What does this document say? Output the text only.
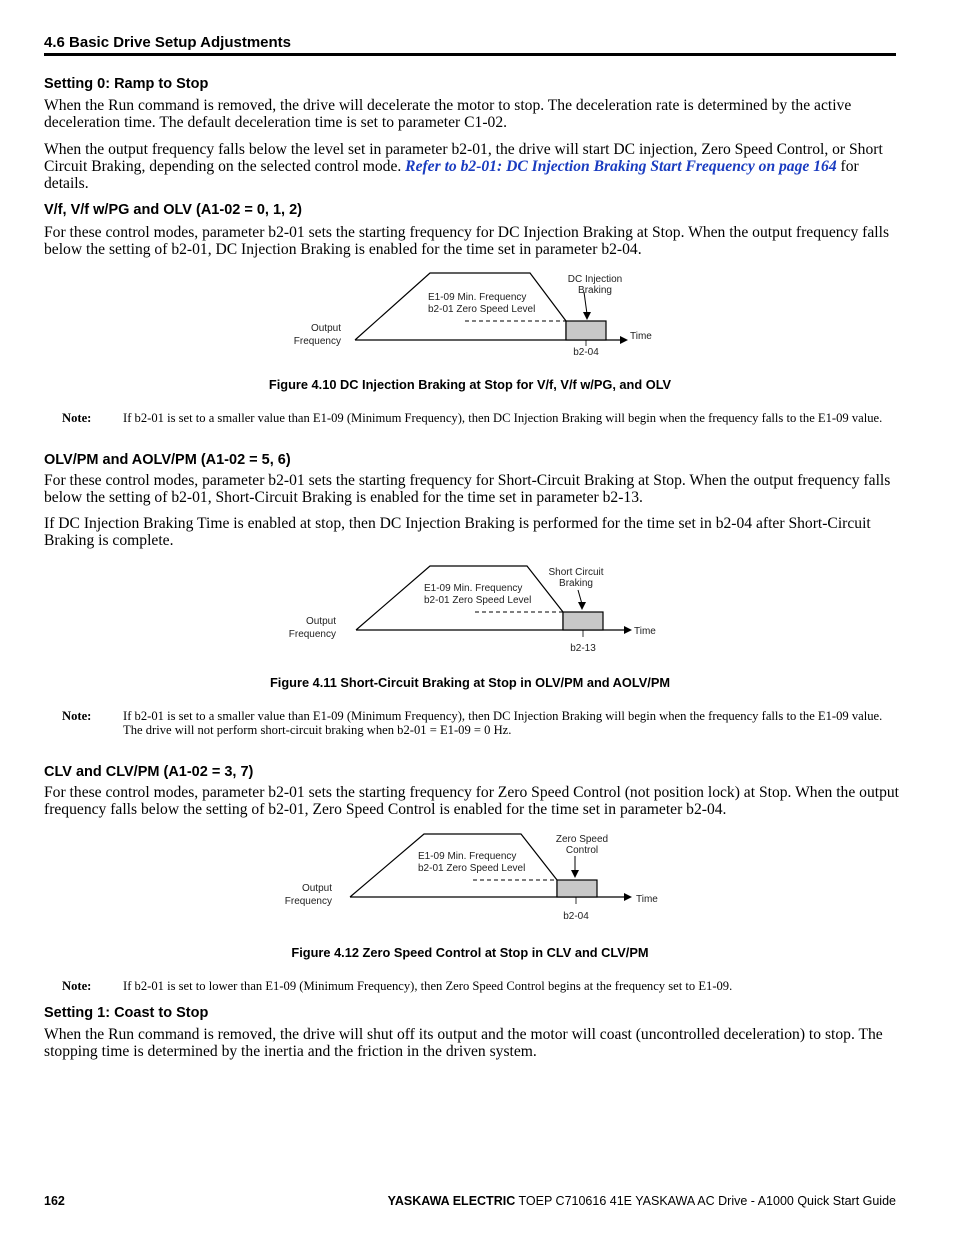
4.6 Basic Drive Setup Adjustments
Setting 0: Ramp to Stop
When the Run command is removed, the drive will decelerate the motor to stop. The deceleration rate is determined by the active deceleration time. The default deceleration time is set to parameter C1-02.
When the output frequency falls below the level set in parameter b2-01, the drive will start DC injection, Zero Speed Control, or Short Circuit Braking, depending on the selected control mode. Refer to b2-01: DC Injection Braking Start Frequency on page 164 for details.
V/f, V/f w/PG and OLV (A1-02 = 0, 1, 2)
For these control modes, parameter b2-01 sets the starting frequency for DC Injection Braking at Stop. When the output frequency falls below the setting of b2-01, DC Injection Braking is enabled for the time set in parameter b2-04.
DC Injection
Braking
E1-09 Min. Frequency
b2-01 Zero Speed Level
Output
Frequency	Time
b2-04
Figure 4.10 DC Injection Braking at Stop for V/f, V/f w/PG, and OLV
Note:	If b2-01 is set to a smaller value than E1-09 (Minimum Frequency), then DC Injection Braking will begin when the frequency falls to the E1-09 value.
OLV/PM and AOLV/PM (A1-02 = 5, 6)
For these control modes, parameter b2-01 sets the starting frequency for Short-Circuit Braking at Stop. When the output frequency falls below the setting of b2-01, Short-Circuit Braking is enabled for the time set in parameter b2-13.
If DC Injection Braking Time is enabled at stop, then DC Injection Braking is performed for the time set in b2-04 after Short-Circuit Braking is complete.
Short Circuit
Braking
E1-09 Min. Frequency
b2-01 Zero Speed Level
Output
Frequency	Time
b2-13
Figure 4.11 Short-Circuit Braking at Stop in OLV/PM and AOLV/PM
Note:	If b2-01 is set to a smaller value than E1-09 (Minimum Frequency), then DC Injection Braking will begin when the frequency falls to the E1-09 value.
The drive will not perform short-circuit braking when b2-01 = E1-09 = 0 Hz.
CLV and CLV/PM (A1-02 = 3, 7)
For these control modes, parameter b2-01 sets the starting frequency for Zero Speed Control (not position lock) at Stop. When the output frequency falls below the setting of b2-01, Zero Speed Control is enabled for the time set in parameter b2-04.
Zero Speed
Control
E1-09 Min. Frequency
b2-01 Zero Speed Level
Output
Frequency	Time
b2-04
Figure 4.12 Zero Speed Control at Stop in CLV and CLV/PM
Note:	If b2-01 is set to lower than E1-09 (Minimum Frequency), then Zero Speed Control begins at the frequency set to E1-09.
Setting 1: Coast to Stop
When the Run command is removed, the drive will shut off its output and the motor will coast (uncontrolled deceleration) to stop. The stopping time is determined by the inertia and the friction in the driven system.
162	YASKAWA ELECTRIC TOEP C710616 41E YASKAWA AC Drive - A1000 Quick Start Guide
